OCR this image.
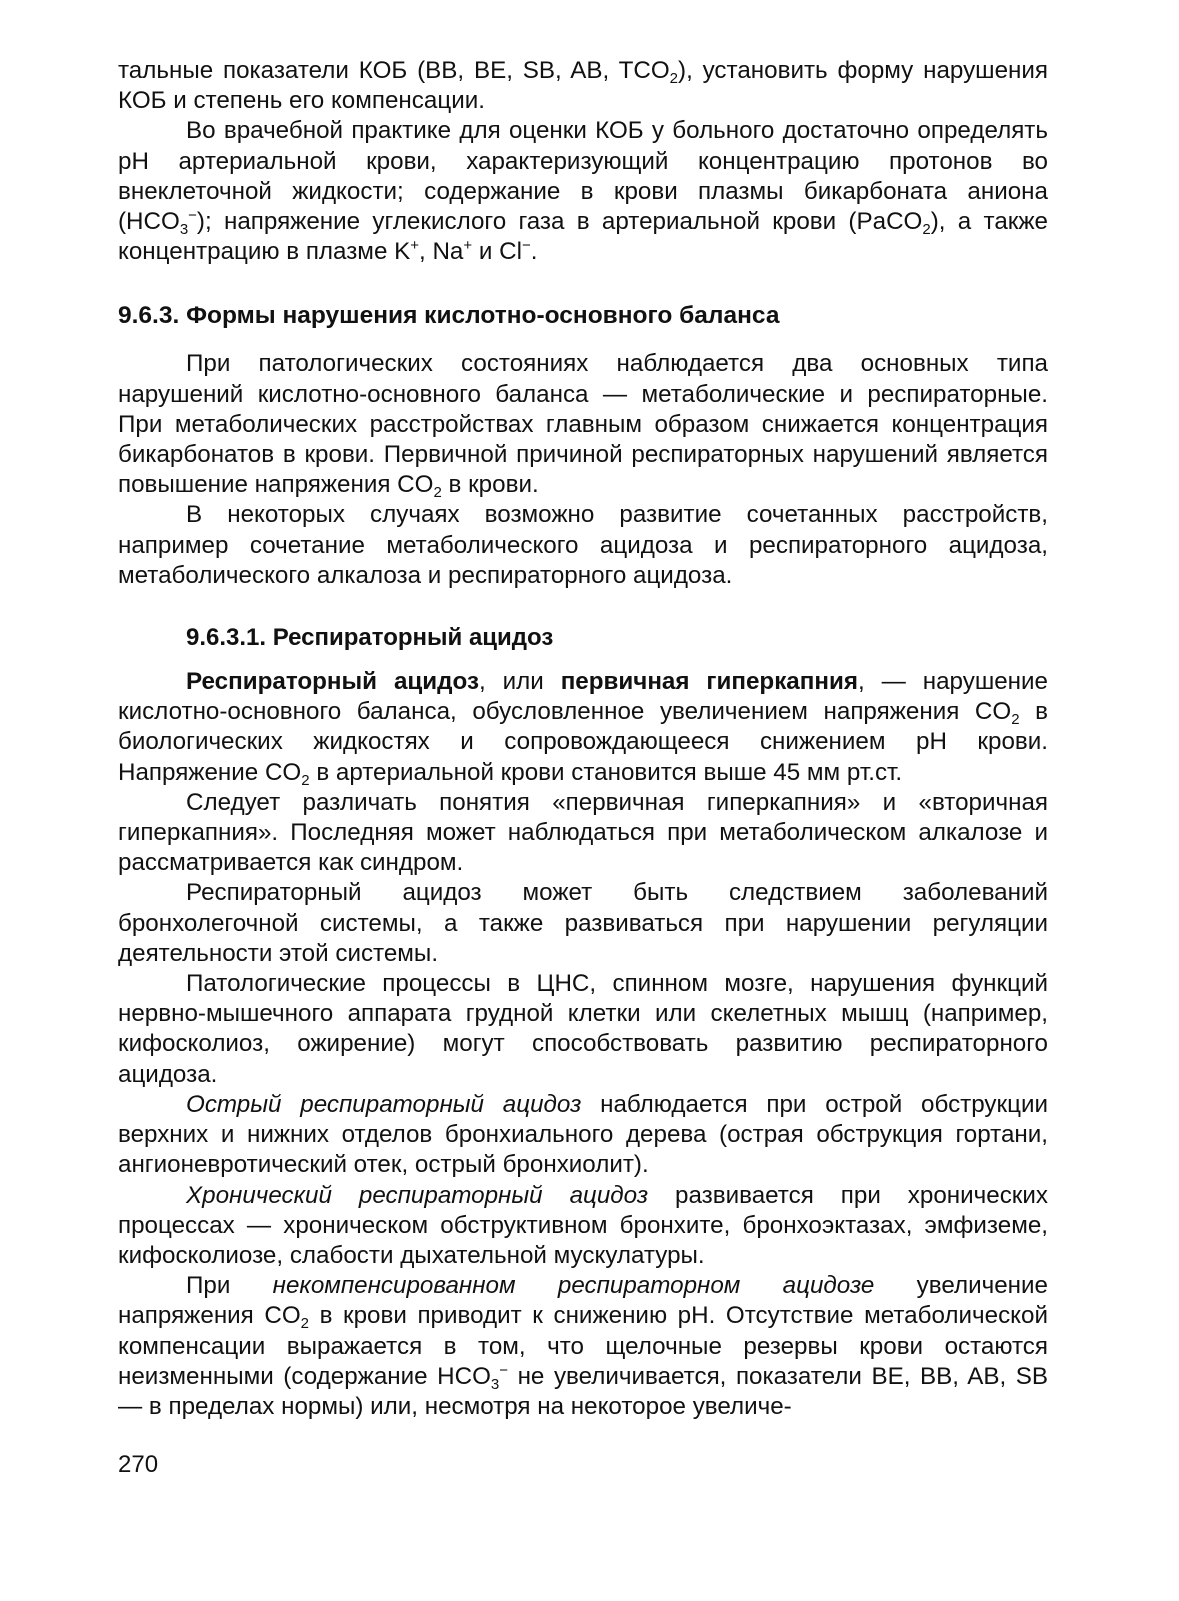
тальные показатели КОБ (BB, BE, SB, AB, $TCO_2$), установить форму нарушения КОБ и степень его компенсации.

Во врачебной практике для оценки КОБ у больного достаточно определять pH артериальной крови, характеризующий концентрацию протонов во внеклеточной жидкости; содержание в крови плазмы бикарбоната аниона $(HCO_3^-)$; напряжение углекислого газа в артериальной крови (PaCO$_2$), а также концентрацию в плазме K+, Na+ и Cl−.

9.6.3. Формы нарушения кислотно-основного баланса

При патологических состояниях наблюдается два основных типа нарушений кислотно-основного баланса — метаболические и респираторные. При метаболических расстройствах главным образом снижается концентрация бикарбонатов в крови. Первичной причиной респираторных нарушений является повышение напряжения $CO_2$ в крови.

В некоторых случаях возможно развитие сочетанных расстройств, например сочетание метаболического ацидоза и респираторного ацидоза, метаболического алкалоза и респираторного ацидоза.

9.6.3.1. Респираторный ацидоз

Респираторный ацидоз, или первичная гиперкапния, — нарушение кислотно-основного баланса, обусловленное увеличением напряжения $CO_2$ в биологических жидкостях и сопровождающееся снижением pH крови. Напряжение $CO_2$ в артериальной крови становится выше 45 мм рт.ст.

Следует различать понятия «первичная гиперкапния» и «вторичная гиперкапния». Последняя может наблюдаться при метаболическом алкалозе и рассматривается как синдром.

Респираторный ацидоз может быть следствием заболеваний бронхолегочной системы, а также развиваться при нарушении регуляции деятельности этой системы.

Патологические процессы в ЦНС, спинном мозге, нарушения функций нервно-мышечного аппарата грудной клетки или скелетных мышц (например, кифосколиоз, ожирение) могут способствовать развитию респираторного ацидоза.

Острый респираторный ацидоз наблюдается при острой обструкции верхних и нижних отделов бронхиального дерева (острая обструкция гортани, ангионевротический отек, острый бронхиолит).

Хронический респираторный ацидоз развивается при хронических процессах — хроническом обструктивном бронхите, бронхоэктазах, эмфиземе, кифосколиозе, слабости дыхательной мускулатуры.

При некомпенсированном респираторном ацидозе увеличение напряжения $CO_2$ в крови приводит к снижению pH. Отсутствие метаболической компенсации выражается в том, что щелочные резервы крови остаются неизменными (содержание $HCO_3^-$ не увеличивается, показатели BE, BB, AB, SB — в пределах нормы) или, несмотря на некоторое увеличе-

270
